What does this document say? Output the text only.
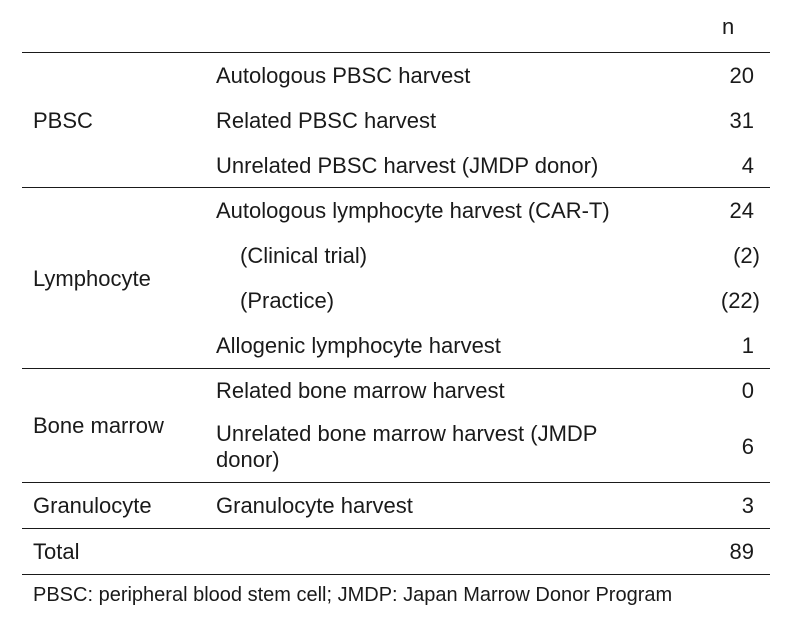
		n
PBSC	Autologous PBSC harvest	20
	Related PBSC harvest	31
	Unrelated PBSC harvest (JMDP donor)	4
Lymphocyte	Autologous lymphocyte harvest (CAR-T)	24
	(Clinical trial)	(2)
	(Practice)	(22)
	Allogenic lymphocyte harvest	1
Bone marrow	Related bone marrow harvest	0
	Unrelated bone marrow harvest (JMDP donor)	6
Granulocyte	Granulocyte harvest	3
Total		89
PBSC: peripheral blood stem cell; JMDP: Japan Marrow Donor Program		
